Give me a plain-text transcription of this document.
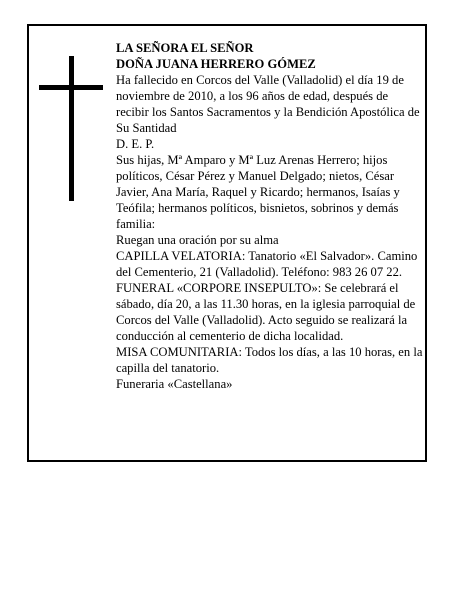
LA SEÑORA EL SEÑOR

DOÑA JUANA HERRERO GÓMEZ

Ha fallecido en Corcos del Valle (Valladolid) el día 19 de noviembre de 2010, a los 96 años de edad, después de recibir los Santos Sacramentos y la Bendición Apostólica de Su Santidad

D. E. P.

Sus hijas, Mª Amparo y Mª Luz Arenas Herrero; hijos políticos, César Pérez y Manuel Delgado; nietos, César Javier, Ana María, Raquel y Ricardo; hermanos, Isaías y Teófila; hermanos políticos, bisnietos, sobrinos y demás familia:

Ruegan una oración por su alma

CAPILLA VELATORIA: Tanatorio «El Salvador». Camino del Cementerio, 21 (Valladolid). Teléfono: 983 26 07 22.

FUNERAL «CORPORE INSEPULTO»: Se celebrará el sábado, día 20, a las 11.30 horas, en la iglesia parroquial de Corcos del Valle (Valladolid). Acto seguido se realizará la conducción al cementerio de dicha localidad.

MISA COMUNITARIA: Todos los días, a las 10 horas, en la capilla del tanatorio.

Funeraria «Castellana»
